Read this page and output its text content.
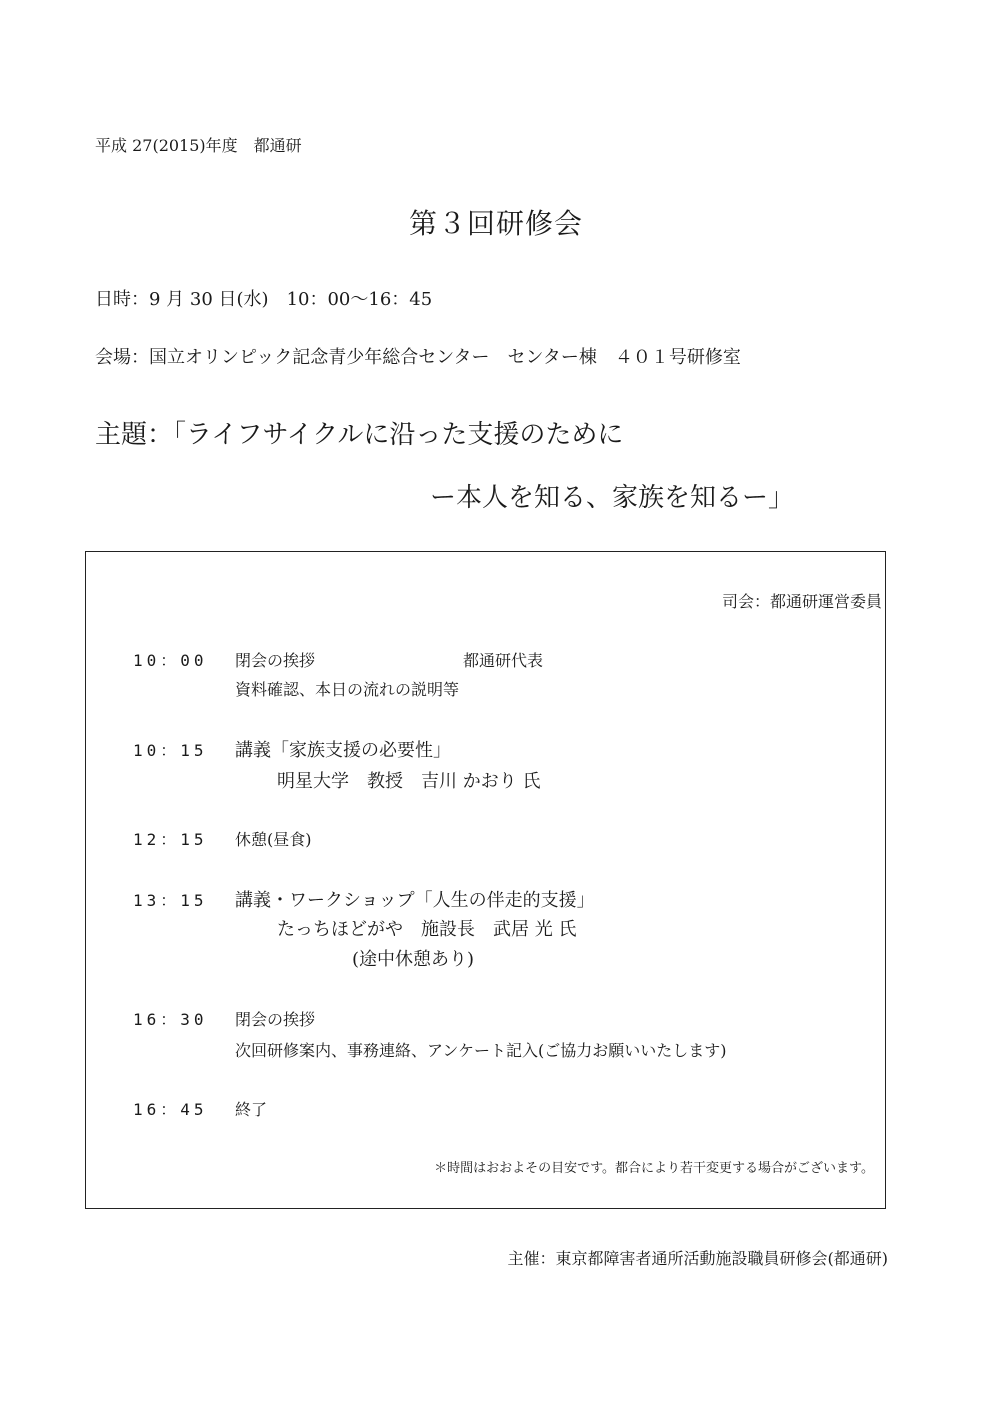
平成 27(2015)年度　都通研
第３回研修会
日時：9 月 30 日(水)　10：00〜16：45
会場：国立オリンピック記念青少年総合センター　センター棟　４０１号研修室
主題：「ライフサイクルに沿った支援のために
ー本人を知る、家族を知るー」
司会：都通研運営委員
10：00 閉会の挨拶	都通研代表
資料確認、本日の流れの説明等
10：15 講義「家族支援の必要性」
明星大学　教授　吉川 かおり 氏
12：15 休憩(昼食)
13：15 講義・ワークショップ「人生の伴走的支援」
たっちほどがや　施設長　武居 光 氏
(途中休憩あり)
16：30 閉会の挨拶
次回研修案内、事務連絡、アンケート記入(ご協力お願いいたします)
16：45 終了
＊時間はおおよその目安です。都合により若干変更する場合がございます。
主催：東京都障害者通所活動施設職員研修会(都通研)
